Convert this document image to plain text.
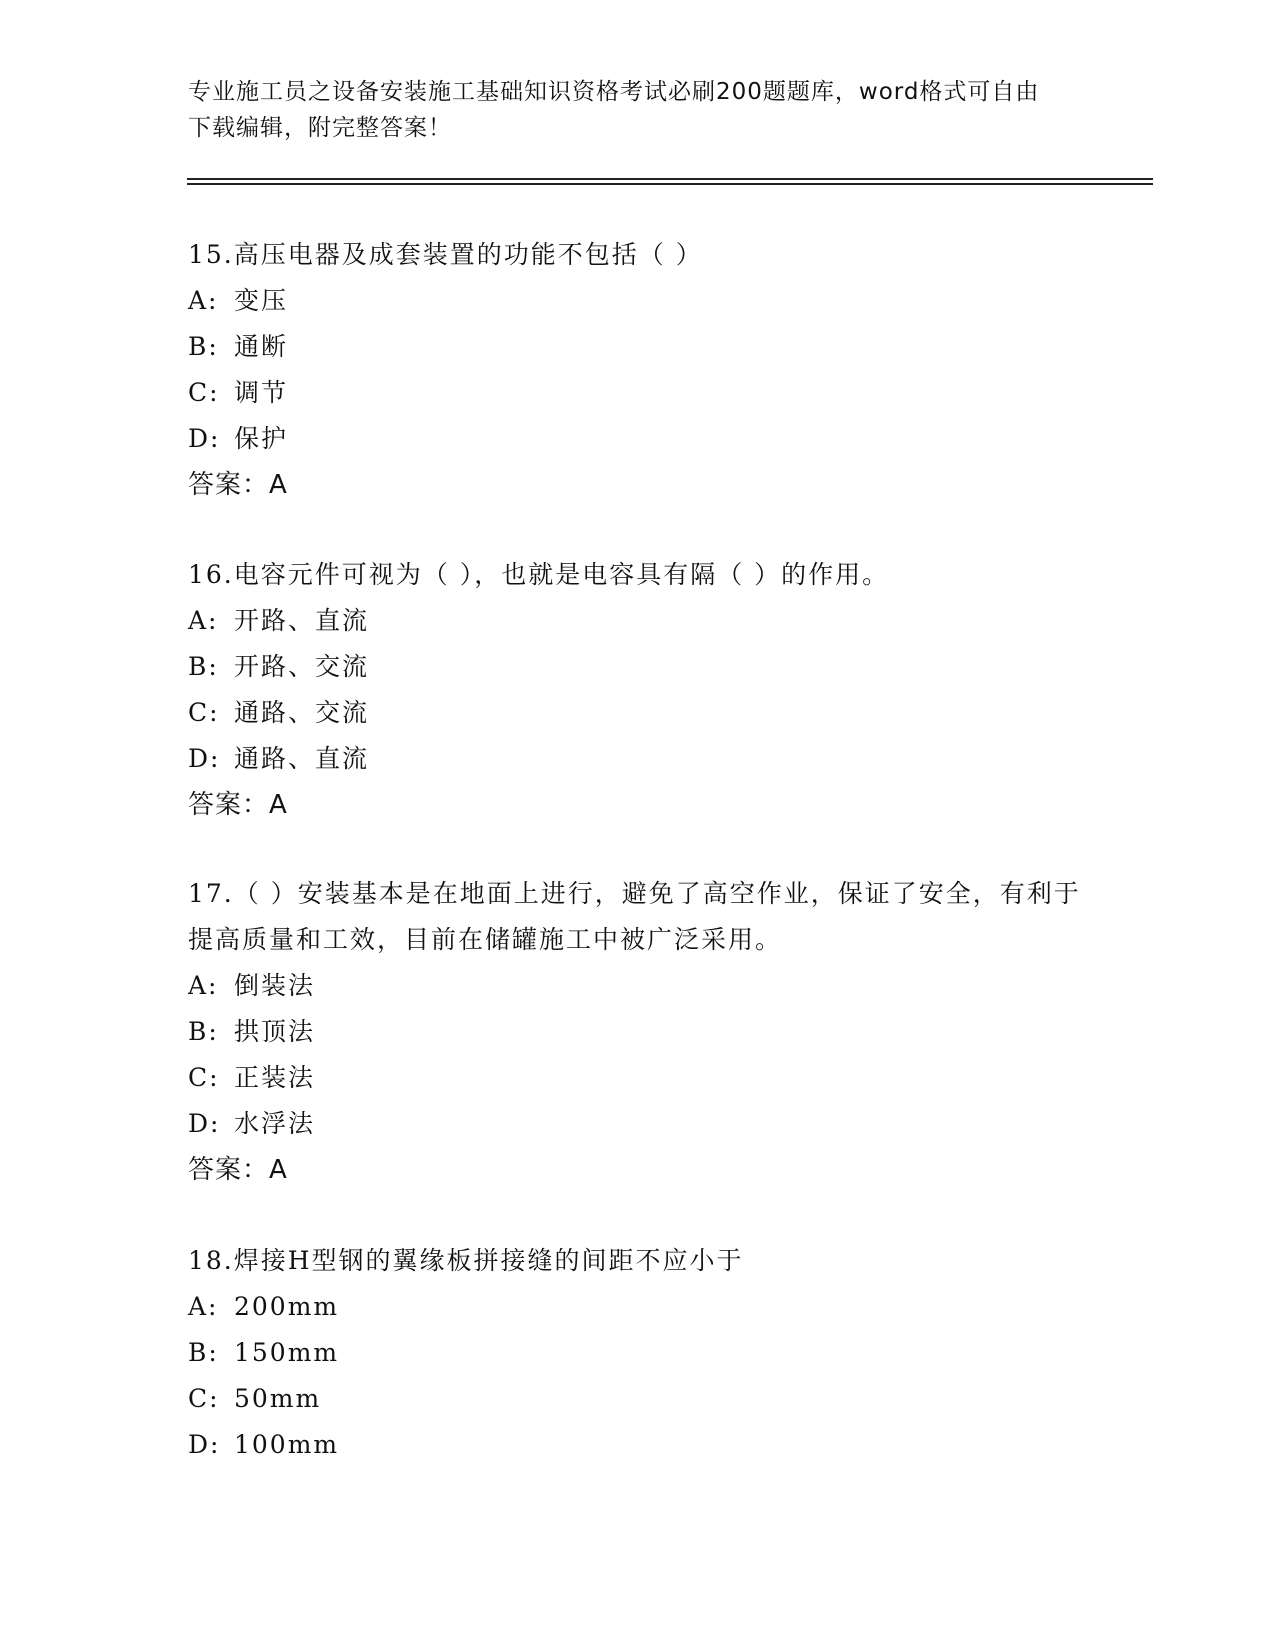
专业施工员之设备安装施工基础知识资格考试必刷200题题库，word格式可自由
下载编辑，附完整答案！
15.高压电器及成套装置的功能不包括（ ）
A: 变压
B: 通断
C: 调节
D: 保护
答案：A
16.电容元件可视为（ ），也就是电容具有隔（ ）的作用。
A: 开路、直流
B: 开路、交流
C: 通路、交流
D: 通路、直流
答案：A
17.（ ）安装基本是在地面上进行，避免了高空作业，保证了安全，有利于提高质量和工效，目前在储罐施工中被广泛采用。
A: 倒装法
B: 拱顶法
C: 正装法
D: 水浮法
答案：A
18.焊接H型钢的翼缘板拼接缝的间距不应小于
A: 200mm
B: 150mm
C: 50mm
D: 100mm
